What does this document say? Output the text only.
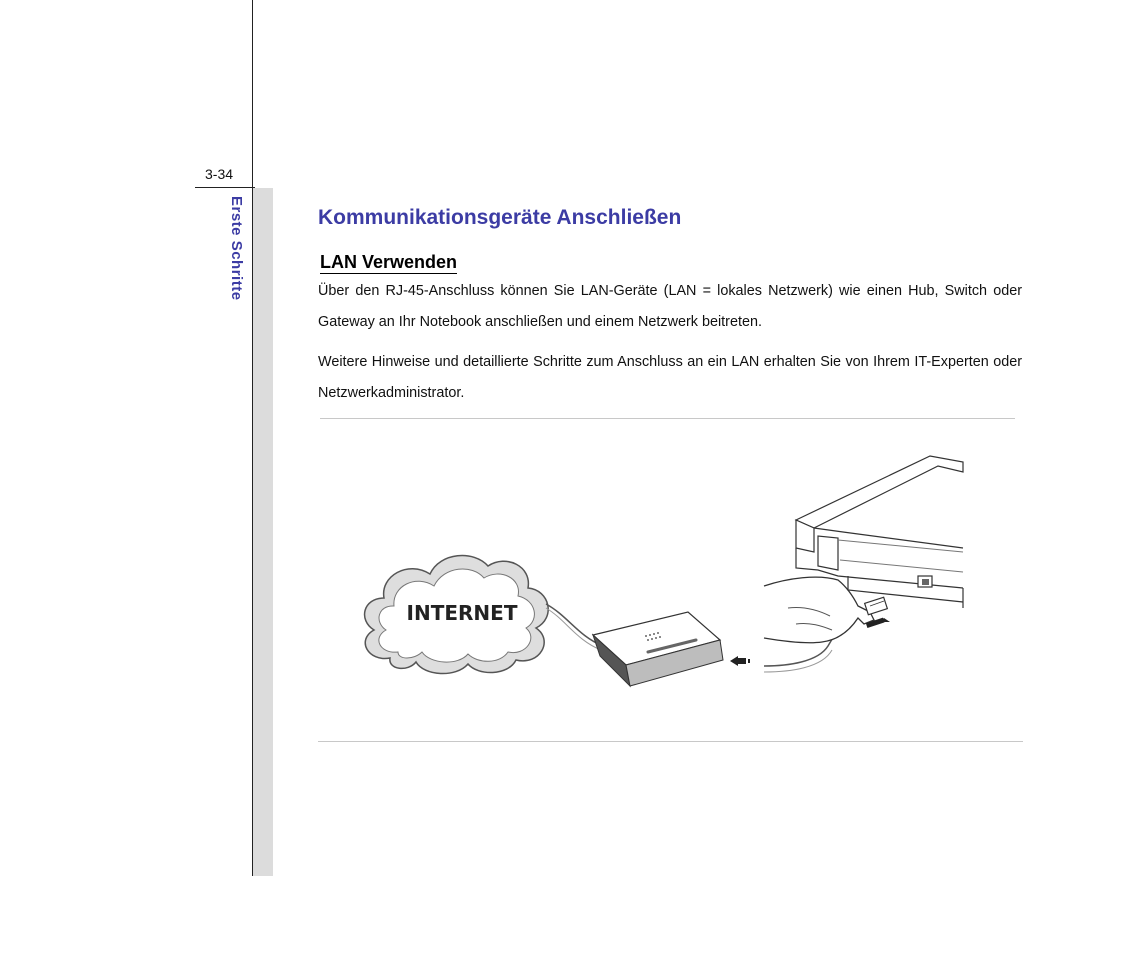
3-34
Erste Schritte	Kommunikationsgeräte Anschließen
LAN Verwenden
Über den RJ-45-Anschluss können Sie LAN-Geräte (LAN = lokales Netzwerk) wie einen Hub, Switch oder Gateway an Ihr Notebook anschließen und einem Netzwerk beitreten.
Weitere Hinweise und detaillierte Schritte zum Anschluss an ein LAN erhalten Sie von Ihrem IT-Experten oder Netzwerkadministrator.
INTERNET
